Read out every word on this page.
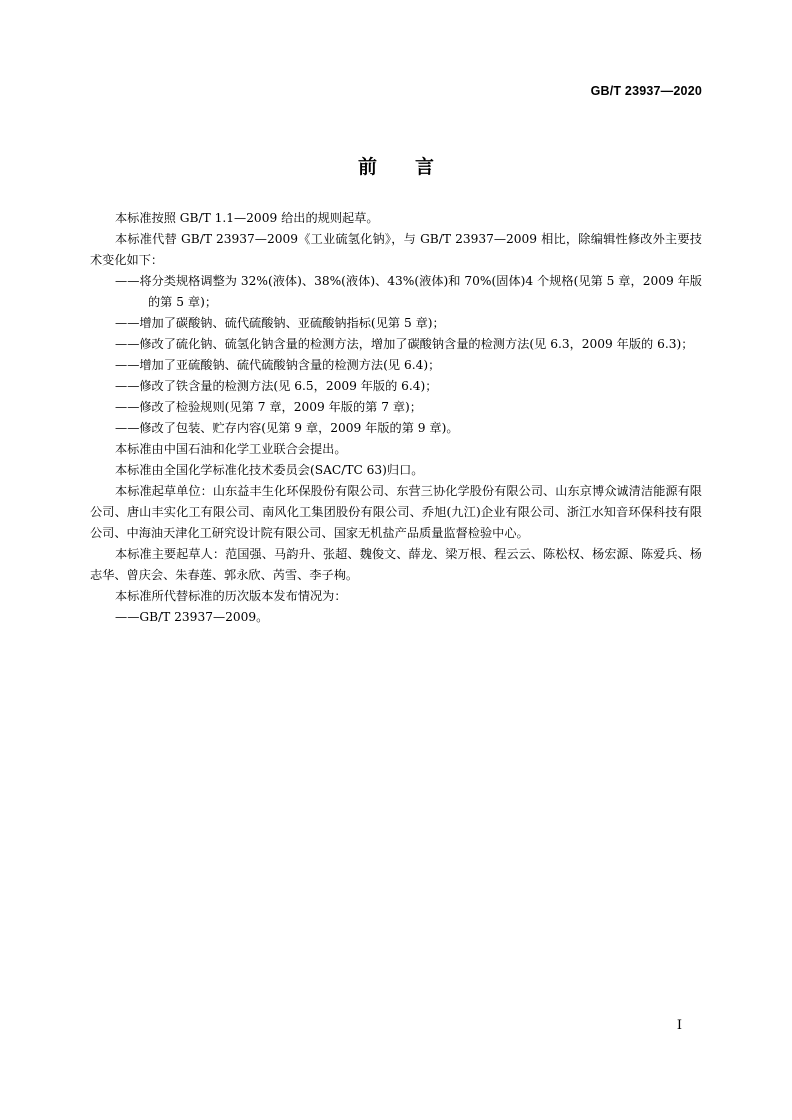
GB/T 23937—2020
前言

本标准按照 GB/T 1.1—2009 给出的规则起草。

本标准代替 GB/T 23937—2009《工业硫氢化钠》，与 GB/T 23937—2009 相比，除编辑性修改外主要技术变化如下：

——将分类规格调整为 32%(液体)、38%(液体)、43%(液体)和 70%(固体)4 个规格(见第 5 章，2009 年版的第 5 章)；

——增加了碳酸钠、硫代硫酸钠、亚硫酸钠指标(见第 5 章)；

——修改了硫化钠、硫氢化钠含量的检测方法，增加了碳酸钠含量的检测方法(见 6.3，2009 年版的 6.3)；

——增加了亚硫酸钠、硫代硫酸钠含量的检测方法(见 6.4)；

——修改了铁含量的检测方法(见 6.5，2009 年版的 6.4)；

——修改了检验规则(见第 7 章，2009 年版的第 7 章)；

——修改了包装、贮存内容(见第 9 章，2009 年版的第 9 章)。

本标准由中国石油和化学工业联合会提出。

本标准由全国化学标准化技术委员会(SAC/TC 63)归口。

本标准起草单位：山东益丰生化环保股份有限公司、东营三协化学股份有限公司、山东京博众诚清洁能源有限公司、唐山丰实化工有限公司、南风化工集团股份有限公司、乔旭(九江)企业有限公司、浙江水知音环保科技有限公司、中海油天津化工研究设计院有限公司、国家无机盐产品质量监督检验中心。

本标准主要起草人：范国强、马韵升、张超、魏俊文、薛龙、梁万根、程云云、陈松权、杨宏源、陈爱兵、杨志华、曾庆会、朱春莲、郭永欣、芮雪、李子栒。

本标准所代替标准的历次版本发布情况为：

——GB/T 23937—2009。

I
